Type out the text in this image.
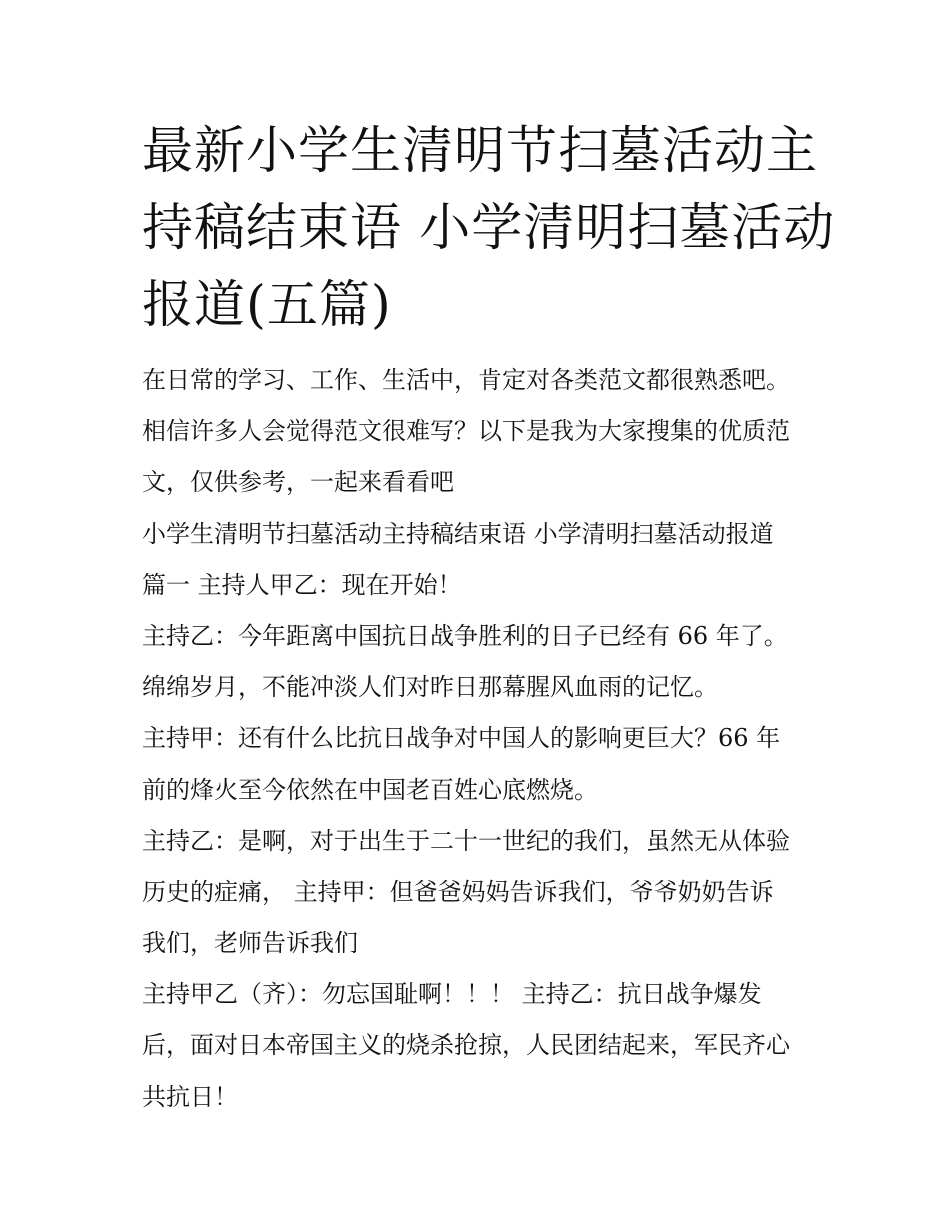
最新小学生清明节扫墓活动主
持稿结束语 小学清明扫墓活动
报道(五篇)
在日常的学习、工作、生活中，肯定对各类范文都很熟悉吧。
相信许多人会觉得范文很难写？以下是我为大家搜集的优质范
文，仅供参考，一起来看看吧
小学生清明节扫墓活动主持稿结束语 小学清明扫墓活动报道
篇一 主持人甲乙：现在开始！
主持乙：今年距离中国抗日战争胜利的日子已经有 66 年了。
绵绵岁月，不能冲淡人们对昨日那幕腥风血雨的记忆。
主持甲：还有什么比抗日战争对中国人的影响更巨大？66 年
前的烽火至今依然在中国老百姓心底燃烧。
主持乙：是啊，对于出生于二十一世纪的我们，虽然无从体验
历史的症痛， 主持甲：但爸爸妈妈告诉我们，爷爷奶奶告诉
我们，老师告诉我们
主持甲乙（齐）：勿忘国耻啊！！！ 主持乙：抗日战争爆发
后，面对日本帝国主义的烧杀抢掠，人民团结起来，军民齐心
共抗日！
